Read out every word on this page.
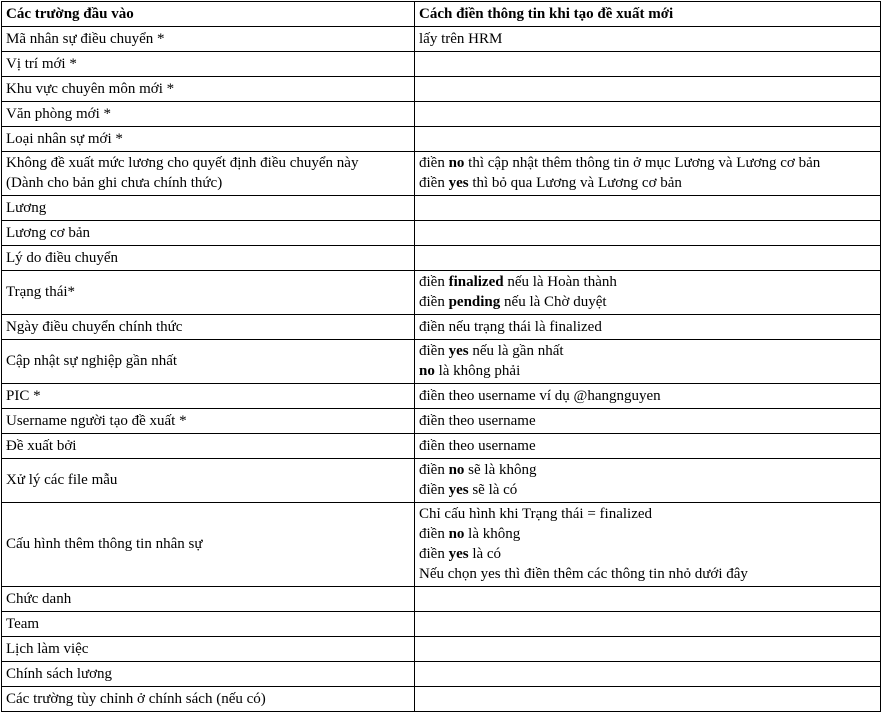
Các trường đầu vào	Cách điền thông tin khi tạo đề xuất mới

Mã nhân sự điều chuyển *	lấy trên HRM

Vị trí mới *	

Khu vực chuyên môn mới *	

Văn phòng mới *	

Loại nhân sự mới *	

Không đề xuất mức lương cho quyết định điều chuyển này
(Dành cho bản ghi chưa chính thức)	điền no thì cập nhật thêm thông tin ở mục Lương và Lương cơ bản
điền yes thì bỏ qua Lương và Lương cơ bản

Lương	

Lương cơ bản	

Lý do điều chuyển	

Trạng thái*	điền finalized nếu là Hoàn thành
điền pending nếu là Chờ duyệt

Ngày điều chuyển chính thức	điền nếu trạng thái là finalized

Cập nhật sự nghiệp gần nhất	điền yes nếu là gần nhất
no là không phải

PIC *	điền theo username ví dụ @hangnguyen

Username người tạo đề xuất *	điền theo username

Đề xuất bởi	điền theo username

Xử lý các file mẫu	điền no sẽ là không
điền yes sẽ là có

Cấu hình thêm thông tin nhân sự	Chỉ cấu hình khi Trạng thái = finalized
điền no là không
điền yes là có
Nếu chọn yes thì điền thêm các thông tin nhỏ dưới đây

Chức danh	

Team	

Lịch làm việc	

Chính sách lương	

Các trường tùy chỉnh ở chính sách (nếu có)	
